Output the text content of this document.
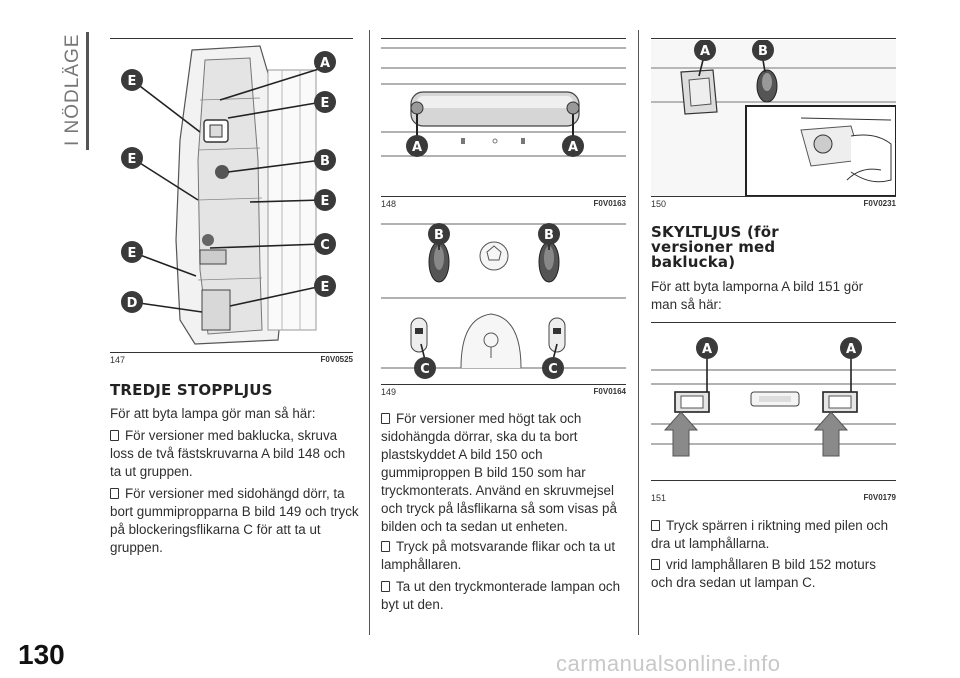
I NÖDLÄGE
130	carmanualsonline.info
E
A
E
E	B
E
C
E
E
D
147	F0V0525
TREDJE STOPPLJUS
För att byta lampa gör man så här:
För versioner med baklucka, skruva loss de två fästskruvarna A bild 148 och ta ut gruppen.
För versioner med sidohängd dörr, ta bort gummipropparna B bild 149 och tryck på blockeringsflikarna C för att ta ut gruppen.
A	A
148	F0V0163
B	B
C	C
149	F0V0164
För versioner med högt tak och sidohängda dörrar, ska du ta bort plastskyddet A bild 150 och gummiproppen B bild 150 som har tryckmonterats. Använd en skruvmejsel och tryck på låsflikarna så som visas på bilden och ta sedan ut enheten.
Tryck på motsvarande flikar och ta ut lamphållaren.
Ta ut den tryckmonterade lampan och byt ut den.
A	B
150	F0V0231
SKYLTLJUS (för versioner med baklucka)
För att byta lamporna A bild 151 gör man så här:
A	A
151	F0V0179
Tryck spärren i riktning med pilen och dra ut lamphållarna.
vrid lamphållaren B bild 152 moturs och dra sedan ut lampan C.
